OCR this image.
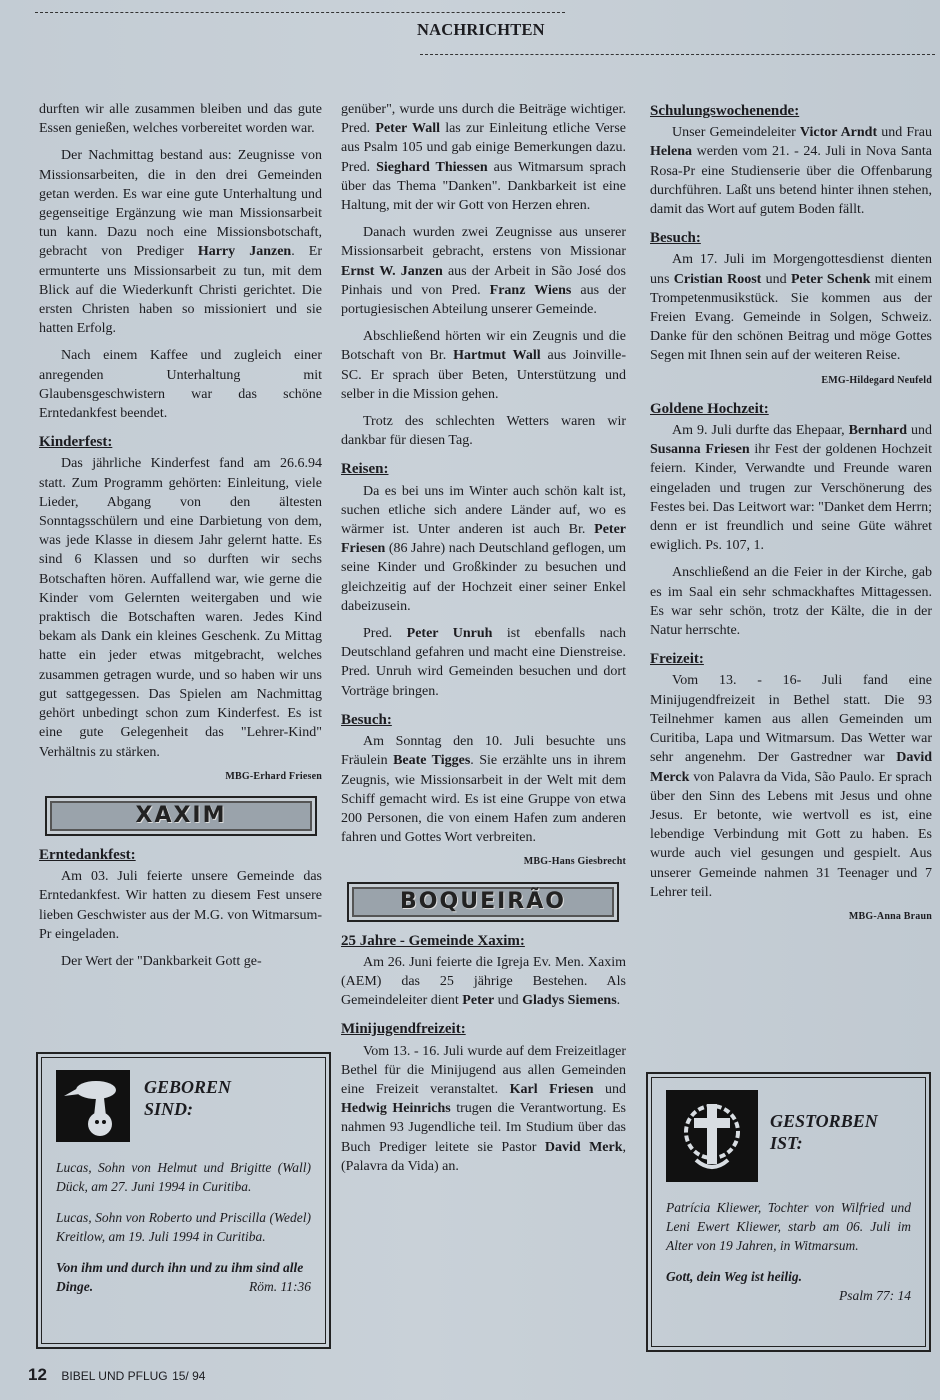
NACHRICHTEN

durften wir alle zusammen bleiben und das gute Essen genießen, welches vorbereitet worden war.

Der Nachmittag bestand aus: Zeugnisse von Missionsarbeiten, die in den drei Gemeinden getan werden. Es war eine gute Unterhaltung und gegenseitige Ergänzung wie man Missionsarbeit tun kann. Dazu noch eine Missionsbotschaft, gebracht von Prediger Harry Janzen. Er ermunterte uns Missionsarbeit zu tun, mit dem Blick auf die Wiederkunft Christi gerichtet. Die ersten Christen haben so missioniert und sie hatten Erfolg.

Nach einem Kaffee und zugleich einer anregenden Unterhaltung mit Glaubensgeschwistern war das schöne Erntedankfest beendet.

Kinderfest:

Das jährliche Kinderfest fand am 26.6.94 statt. Zum Programm gehörten: Einleitung, viele Lieder, Abgang von den ältesten Sonntagsschülern und eine Darbietung von dem, was jede Klasse in diesem Jahr gelernt hatte. Es sind 6 Klassen und so durften wir sechs Botschaften hören. Auffallend war, wie gerne die Kinder vom Gelernten weitergaben und wie praktisch die Botschaften waren. Jedes Kind bekam als Dank ein kleines Geschenk. Zu Mittag hatte ein jeder etwas mitgebracht, welches zusammen getragen wurde, und so haben wir uns gut sattgegessen. Das Spielen am Nachmittag gehört unbedingt schon zum Kinderfest. Es ist eine gute Gelegenheit das "Lehrer-Kind" Verhältnis zu stärken.

MBG-Erhard Friesen
XAXIM
Erntedankfest:

Am 03. Juli feierte unsere Gemeinde das Erntedankfest. Wir hatten zu diesem Fest unsere lieben Geschwister aus der M.G. von Witmarsum-Pr eingeladen.

Der Wert der "Dankbarkeit Gott ge-

genüber", wurde uns durch die Beiträge wichtiger. Pred. Peter Wall las zur Einleitung etliche Verse aus Psalm 105 und gab einige Bemerkungen dazu. Pred. Sieghard Thiessen aus Witmarsum sprach über das Thema "Danken". Dankbarkeit ist eine Haltung, mit der wir Gott von Herzen ehren.

Danach wurden zwei Zeugnisse aus unserer Missionsarbeit gebracht, erstens von Missionar Ernst W. Janzen aus der Arbeit in São José dos Pinhais und von Pred. Franz Wiens aus der portugiesischen Abteilung unserer Gemeinde.

Abschließend hörten wir ein Zeugnis und die Botschaft von Br. Hartmut Wall aus Joinville-SC. Er sprach über Beten, Unterstützung und selber in die Mission gehen.

Trotz des schlechten Wetters waren wir dankbar für diesen Tag.

Reisen:

Da es bei uns im Winter auch schön kalt ist, suchen etliche sich andere Länder auf, wo es wärmer ist. Unter anderen ist auch Br. Peter Friesen (86 Jahre) nach Deutschland geflogen, um seine Kinder und Großkinder zu besuchen und gleichzeitig auf der Hochzeit einer seiner Enkel dabeizusein.

Pred. Peter Unruh ist ebenfalls nach Deutschland gefahren und macht eine Dienstreise. Pred. Unruh wird Gemeinden besuchen und dort Vorträge bringen.

Besuch:

Am Sonntag den 10. Juli besuchte uns Fräulein Beate Tigges. Sie erzählte uns in ihrem Zeugnis, wie Missionsarbeit in der Welt mit dem Schiff gemacht wird. Es ist eine Gruppe von etwa 200 Personen, die von einem Hafen zum anderen fahren und Gottes Wort verbreiten.

MBG-Hans Giesbrecht
BOQUEIRÃO
25 Jahre - Gemeinde Xaxim:

Am 26. Juni feierte die Igreja Ev. Men. Xaxim (AEM) das 25 jährige Bestehen. Als Gemeindeleiter dient Peter und Gladys Siemens.

Minijugendfreizeit:

Vom 13. - 16. Juli wurde auf dem Freizeitlager Bethel für die Minijugend aus allen Gemeinden eine Freizeit veranstaltet. Karl Friesen und Hedwig Heinrichs trugen die Verantwortung. Es nahmen 93 Jugendliche teil. Im Studium über das Buch Prediger leitete sie Pastor David Merk, (Palavra da Vida) an.

Schulungswochenende:

Unser Gemeindeleiter Victor Arndt und Frau Helena werden vom 21. - 24. Juli in Nova Santa Rosa-Pr eine Studienserie über die Offenbarung durchführen. Laßt uns betend hinter ihnen stehen, damit das Wort auf gutem Boden fällt.

Besuch:

Am 17. Juli im Morgengottesdienst dienten uns Cristian Roost und Peter Schenk mit einem Trompetenmusikstück. Sie kommen aus der Freien Evang. Gemeinde in Solgen, Schweiz. Danke für den schönen Beitrag und möge Gottes Segen mit Ihnen sein auf der weiteren Reise.

EMG-Hildegard Neufeld
Goldene Hochzeit:

Am 9. Juli durfte das Ehepaar, Bernhard und Susanna Friesen ihr Fest der goldenen Hochzeit feiern. Kinder, Verwandte und Freunde waren eingeladen und trugen zur Verschönerung des Festes bei. Das Leitwort war: "Danket dem Herrn; denn er ist freundlich und seine Güte währet ewiglich. Ps. 107, 1.

Anschließend an die Feier in der Kirche, gab es im Saal ein sehr schmackhaftes Mittagessen. Es war sehr schön, trotz der Kälte, die in der Natur herrschte.

Freizeit:

Vom 13. - 16- Juli fand eine Minijugendfreizeit in Bethel statt. Die 93 Teilnehmer kamen aus allen Gemeinden um Curitiba, Lapa und Witmarsum. Das Wetter war sehr angenehm. Der Gastredner war David Merck von Palavra da Vida, São Paulo. Er sprach über den Sinn des Lebens mit Jesus und ohne Jesus. Er betonte, wie wertvoll es ist, eine lebendige Verbindung mit Gott zu haben. Es wurde auch viel gesungen und gespielt. Aus unserer Gemeinde nahmen 31 Teenager und 7 Lehrer teil.

MBG-Anna Braun
GEBOREN
SIND:

Lucas, Sohn von Helmut und Brigitte (Wall) Dück, am 27. Juni 1994 in Curitiba.

Lucas, Sohn von Roberto und Priscilla (Wedel) Kreitlow, am 19. Juli 1994 in Curitiba.

Von ihm und durch ihn und zu ihm sind alle Dinge.	Röm. 11:36
GESTORBEN
IST:

Patrícia Kliewer, Tochter von Wilfried und Leni Ewert Kliewer, starb am 06. Juli im Alter von 19 Jahren, in Witmarsum.

Gott, dein Weg ist heilig.
Psalm 77: 14
12 BIBEL UND PFLUG 15/ 94
